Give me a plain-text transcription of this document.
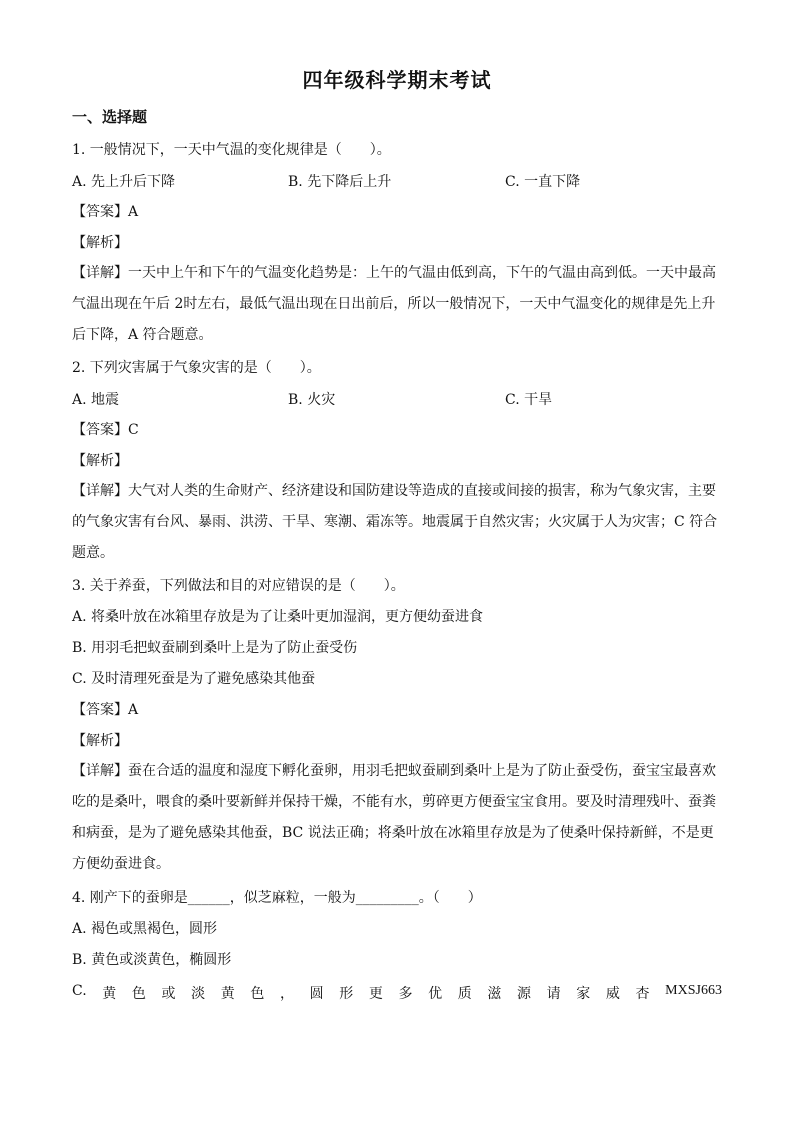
四年级科学期末考试
一、选择题
1. 一般情况下，一天中气温的变化规律是（　　）。
A. 先上升后下降	B. 先下降后上升	C. 一直下降
【答案】A
【解析】
【详解】一天中上午和下午的气温变化趋势是：上午的气温由低到高，下午的气温由高到低。一天中最高气温出现在午后 2时左右，最低气温出现在日出前后，所以一般情况下，一天中气温变化的规律是先上升后下降，A 符合题意。
2. 下列灾害属于气象灾害的是（　　）。
A. 地震	B. 火灾	C. 干旱
【答案】C
【解析】
【详解】大气对人类的生命财产、经济建设和国防建设等造成的直接或间接的损害，称为气象灾害，主要的气象灾害有台风、暴雨、洪涝、干旱、寒潮、霜冻等。地震属于自然灾害；火灾属于人为灾害；C 符合题意。
3. 关于养蚕，下列做法和目的对应错误的是（　　）。
A. 将桑叶放在冰箱里存放是为了让桑叶更加湿润，更方便幼蚕进食
B. 用羽毛把蚁蚕刷到桑叶上是为了防止蚕受伤
C. 及时清理死蚕是为了避免感染其他蚕
【答案】A
【解析】
【详解】蚕在合适的温度和湿度下孵化蚕卵，用羽毛把蚁蚕刷到桑叶上是为了防止蚕受伤，蚕宝宝最喜欢吃的是桑叶，喂食的桑叶要新鲜并保持干燥，不能有水，剪碎更方便蚕宝宝食用。要及时清理残叶、蚕粪和病蚕，是为了避免感染其他蚕，BC 说法正确；将桑叶放在冰箱里存放是为了使桑叶保持新鲜，不是更方便幼蚕进食。
4. 刚产下的蚕卵是______，似芝麻粒，一般为_________。（　　）
A. 褐色或黑褐色，圆形
B. 黄色或淡黄色，椭圆形
C. 黄 色 或 淡 黄 色 ， 圆 形 更 多 优 质 滋 源 请 家 威 杏 MXSJ663
